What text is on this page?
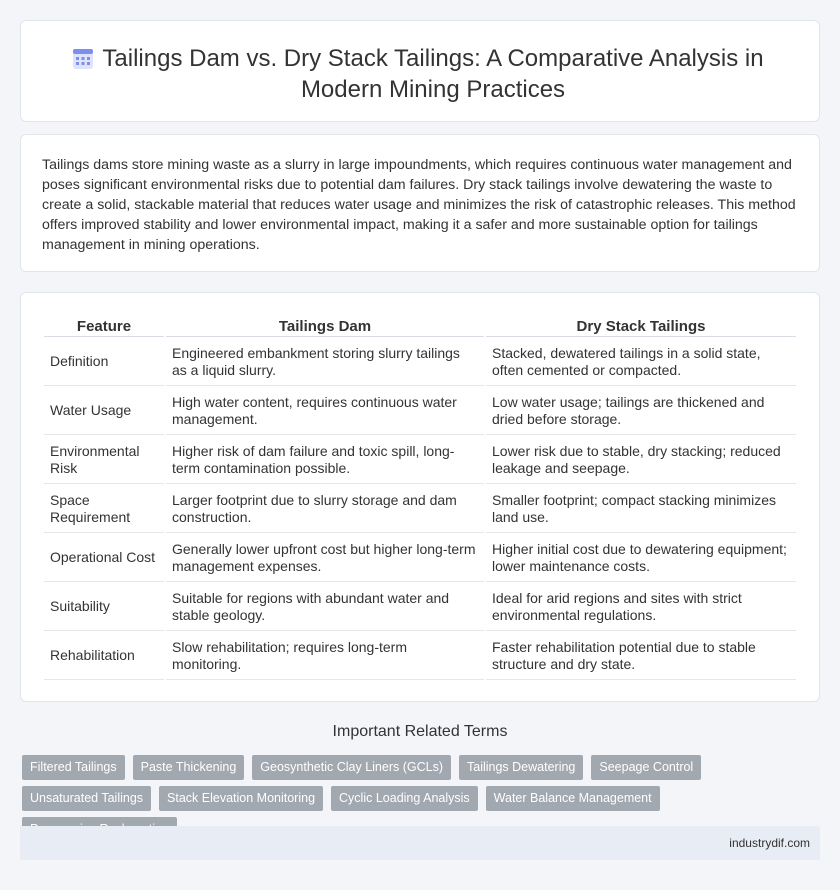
Tailings Dam vs. Dry Stack Tailings: A Comparative Analysis in Modern Mining Practices

Tailings dams store mining waste as a slurry in large impoundments, which requires continuous water management and poses significant environmental risks due to potential dam failures. Dry stack tailings involve dewatering the waste to create a solid, stackable material that reduces water usage and minimizes the risk of catastrophic releases. This method offers improved stability and lower environmental impact, making it a safer and more sustainable option for tailings management in mining operations.

Feature	Tailings Dam	Dry Stack Tailings
Definition	Engineered embankment storing slurry tailings as a liquid slurry.	Stacked, dewatered tailings in a solid state, often cemented or compacted.
Water Usage	High water content, requires continuous water management.	Low water usage; tailings are thickened and dried before storage.
Environmental Risk	Higher risk of dam failure and toxic spill, long-term contamination possible.	Lower risk due to stable, dry stacking; reduced leakage and seepage.
Space Requirement	Larger footprint due to slurry storage and dam construction.	Smaller footprint; compact stacking minimizes land use.
Operational Cost	Generally lower upfront cost but higher long-term management expenses.	Higher initial cost due to dewatering equipment; lower maintenance costs.
Suitability	Suitable for regions with abundant water and stable geology.	Ideal for arid regions and sites with strict environmental regulations.
Rehabilitation	Slow rehabilitation; requires long-term monitoring.	Faster rehabilitation potential due to stable structure and dry state.
Important Related Terms
Filtered Tailings	Paste Thickening	Geosynthetic Clay Liners (GCLs)	Tailings Dewatering	Seepage Control
Unsaturated Tailings	Stack Elevation Monitoring	Cyclic Loading Analysis	Water Balance Management
industrydif.com
